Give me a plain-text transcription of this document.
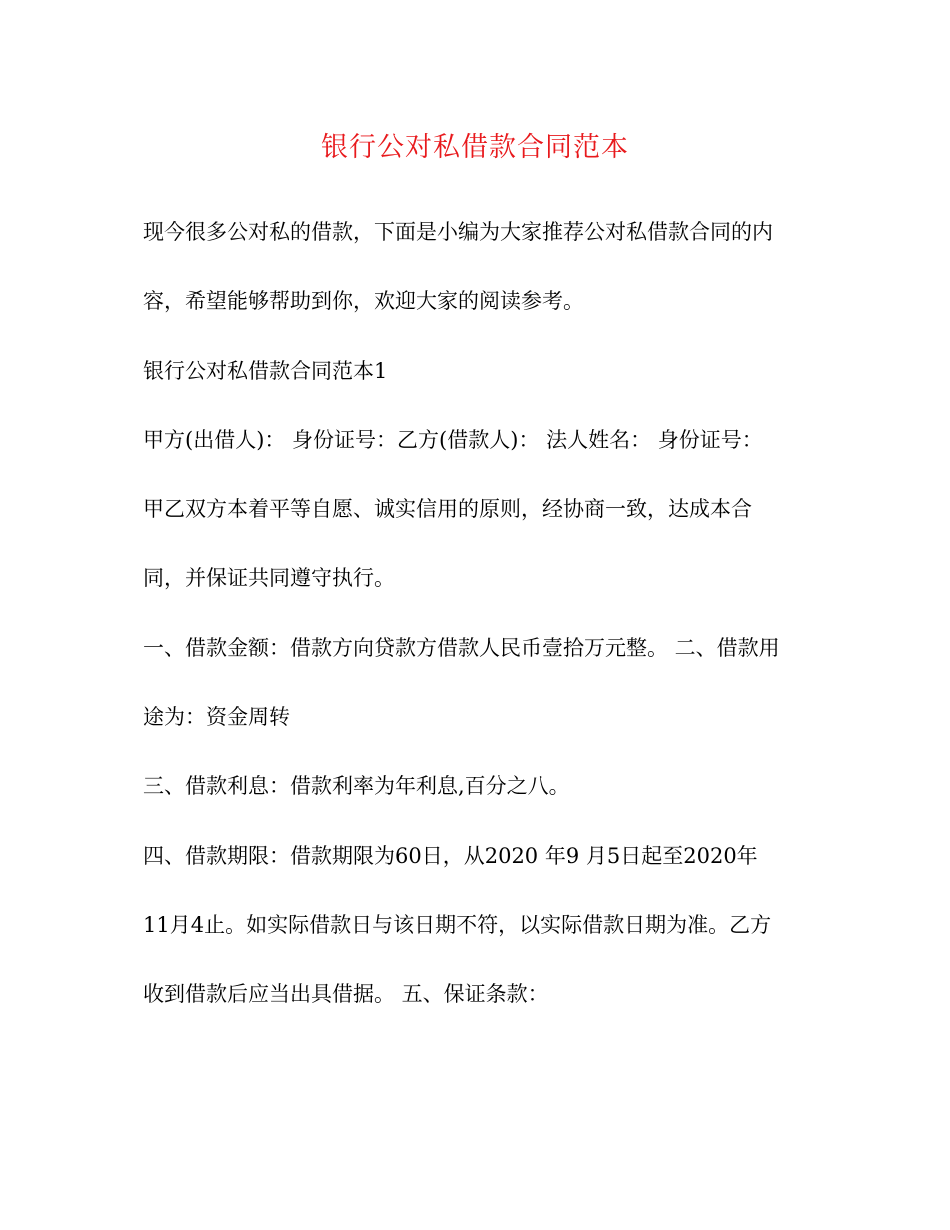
银行公对私借款合同范本
现今很多公对私的借款，下面是小编为大家推荐公对私借款合同的内
容，希望能够帮助到你，欢迎大家的阅读参考。
银行公对私借款合同范本1
甲方(出借人)： 身份证号：乙方(借款人)： 法人姓名： 身份证号：
甲乙双方本着平等自愿、诚实信用的原则，经协商一致，达成本合
同，并保证共同遵守执行。
一、借款金额：借款方向贷款方借款人民币壹拾万元整。 二、借款用
途为：资金周转
三、借款利息：借款利率为年利息,百分之八。
四、借款期限：借款期限为60日，从2020 年9 月5日起至2020年
11月4止。如实际借款日与该日期不符，以实际借款日期为准。乙方
收到借款后应当出具借据。 五、保证条款：
